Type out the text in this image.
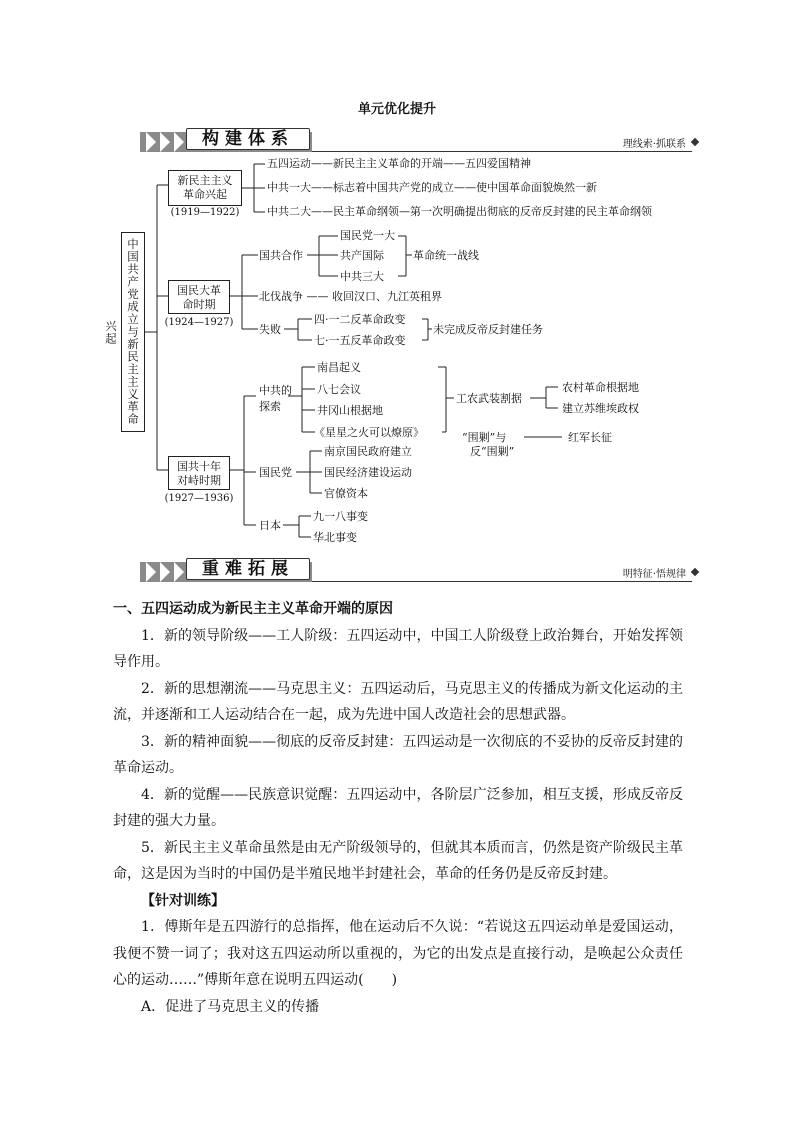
单元优化提升
构建体系	理线索·抓联系
中国共产党成立与新民主主义革命兴起
新民主主义
革命兴起
(1919—1922)
五四运动——新民主主义革命的开端——五四爱国精神
中共一大——标志着中国共产党的成立——使中国革命面貌焕然一新
中共二大——民主革命纲领—第一次明确提出彻底的反帝反封建的民主革命纲领
国民大革
命时期
(1924—1927)
国共合作
国民党一大
共产国际
中共三大
革命统一战线
北伐战争 —— 收回汉口、九江英租界
失败
四·一二反革命政变
七·一五反革命政变
未完成反帝反封建任务
国共十年
对峙时期
(1927—1936)
中共的
探索
南昌起义
八七会议
井冈山根据地
《星星之火可以燎原》
工农武装割据
农村革命根据地
建立苏维埃政权
“围剿”与
反“围剿”
红军长征
国民党
南京国民政府建立
国民经济建设运动
官僚资本
日本
九一八事变
华北事变
重难拓展	明特征·悟规律

一、五四运动成为新民主主义革命开端的原因

1．新的领导阶级——工人阶级：五四运动中，中国工人阶级登上政治舞台，开始发挥领导作用。

2．新的思想潮流——马克思主义：五四运动后，马克思主义的传播成为新文化运动的主流，并逐渐和工人运动结合在一起，成为先进中国人改造社会的思想武器。

3．新的精神面貌——彻底的反帝反封建：五四运动是一次彻底的不妥协的反帝反封建的革命运动。

4．新的觉醒——民族意识觉醒：五四运动中，各阶层广泛参加，相互支援，形成反帝反封建的强大力量。

5．新民主主义革命虽然是由无产阶级领导的，但就其本质而言，仍然是资产阶级民主革命，这是因为当时的中国仍是半殖民地半封建社会，革命的任务仍是反帝反封建。

【针对训练】

1．傅斯年是五四游行的总指挥，他在运动后不久说：“若说这五四运动单是爱国运动，我便不赞一词了；我对这五四运动所以重视的，为它的出发点是直接行动，是唤起公众责任心的运动……”傅斯年意在说明五四运动(　　)

A．促进了马克思主义的传播
